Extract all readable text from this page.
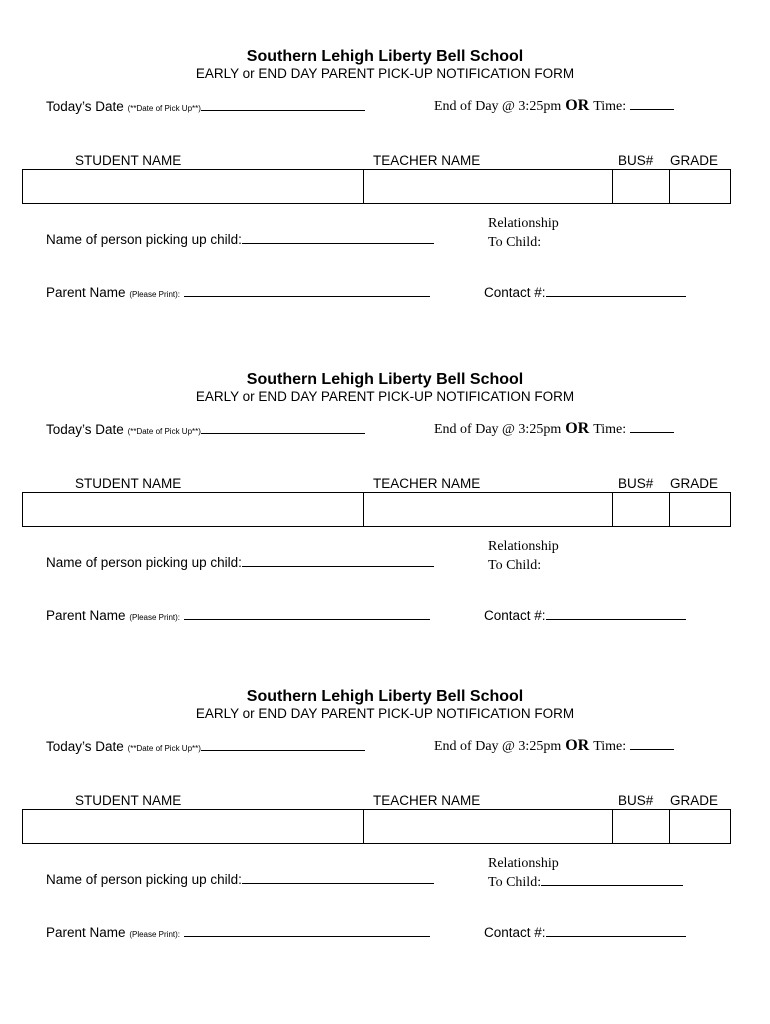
Southern Lehigh Liberty Bell School
EARLY or END DAY PARENT PICK-UP NOTIFICATION FORM
Today’s Date (**Date of Pick Up**)	End of Day @ 3:25pm OR Time:
STUDENT NAME	TEACHER NAME	BUS# GRADE
Name of person picking up child:
Relationship
To Child:
Parent Name (Please Print):	Contact #:
Southern Lehigh Liberty Bell School
EARLY or END DAY PARENT PICK-UP NOTIFICATION FORM
Today’s Date (**Date of Pick Up**)	End of Day @ 3:25pm OR Time:
STUDENT NAME	TEACHER NAME	BUS# GRADE
Name of person picking up child:
Relationship
To Child:
Parent Name (Please Print):	Contact #:
Southern Lehigh Liberty Bell School
EARLY or END DAY PARENT PICK-UP NOTIFICATION FORM
Today’s Date (**Date of Pick Up**)	End of Day @ 3:25pm OR Time:
STUDENT NAME	TEACHER NAME	BUS# GRADE
Name of person picking up child:
Relationship
To Child:
Parent Name (Please Print):	Contact #:
